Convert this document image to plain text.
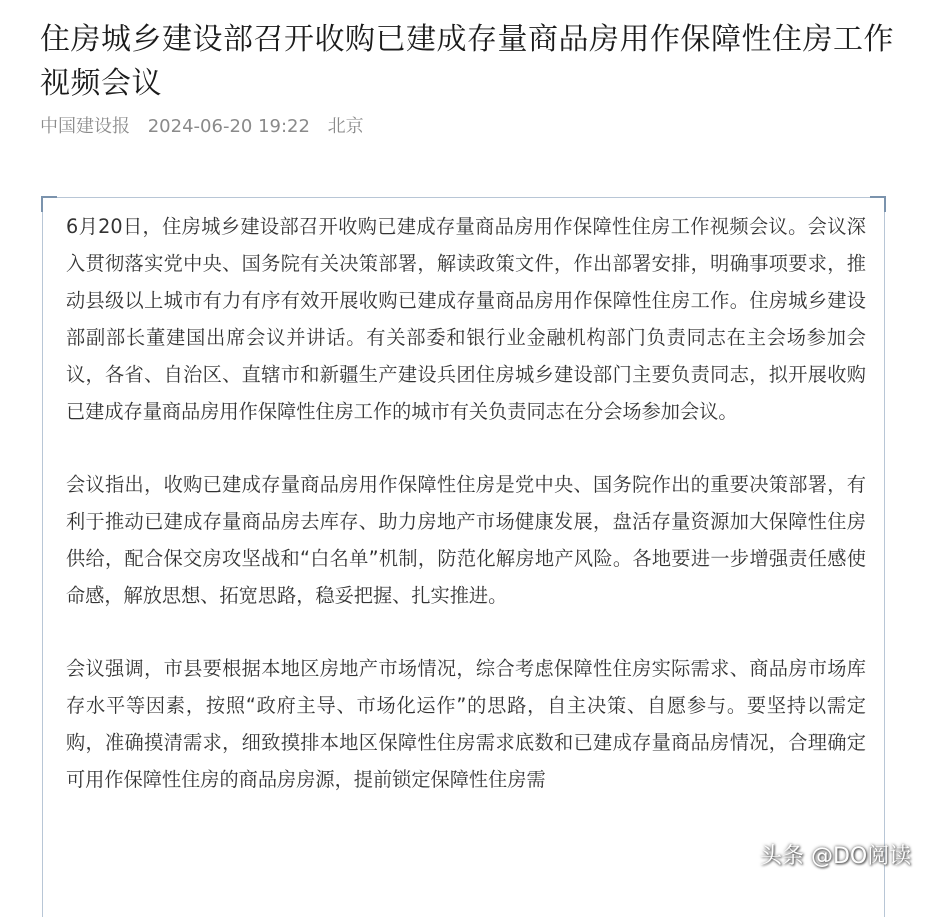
住房城乡建设部召开收购已建成存量商品房用作保障性住房工作视频会议
中国建设报 2024-06-20 19:22 北京

6月20日，住房城乡建设部召开收购已建成存量商品房用作保障性住房工作视频会议。会议深入贯彻落实党中央、国务院有关决策部署，解读政策文件，作出部署安排，明确事项要求，推动县级以上城市有力有序有效开展收购已建成存量商品房用作保障性住房工作。住房城乡建设部副部长董建国出席会议并讲话。有关部委和银行业金融机构部门负责同志在主会场参加会议，各省、自治区、直辖市和新疆生产建设兵团住房城乡建设部门主要负责同志，拟开展收购已建成存量商品房用作保障性住房工作的城市有关负责同志在分会场参加会议。

会议指出，收购已建成存量商品房用作保障性住房是党中央、国务院作出的重要决策部署，有利于推动已建成存量商品房去库存、助力房地产市场健康发展，盘活存量资源加大保障性住房供给，配合保交房攻坚战和“白名单”机制，防范化解房地产风险。各地要进一步增强责任感使命感，解放思想、拓宽思路，稳妥把握、扎实推进。

会议强调，市县要根据本地区房地产市场情况，综合考虑保障性住房实际需求、商品房市场库存水平等因素，按照“政府主导、市场化运作”的思路，自主决策、自愿参与。要坚持以需定购，准确摸清需求，细致摸排本地区保障性住房需求底数和已建成存量商品房情况，合理确定可用作保障性住房的商品房房源，提前锁定保障性住房需

头条 @DO阅读
